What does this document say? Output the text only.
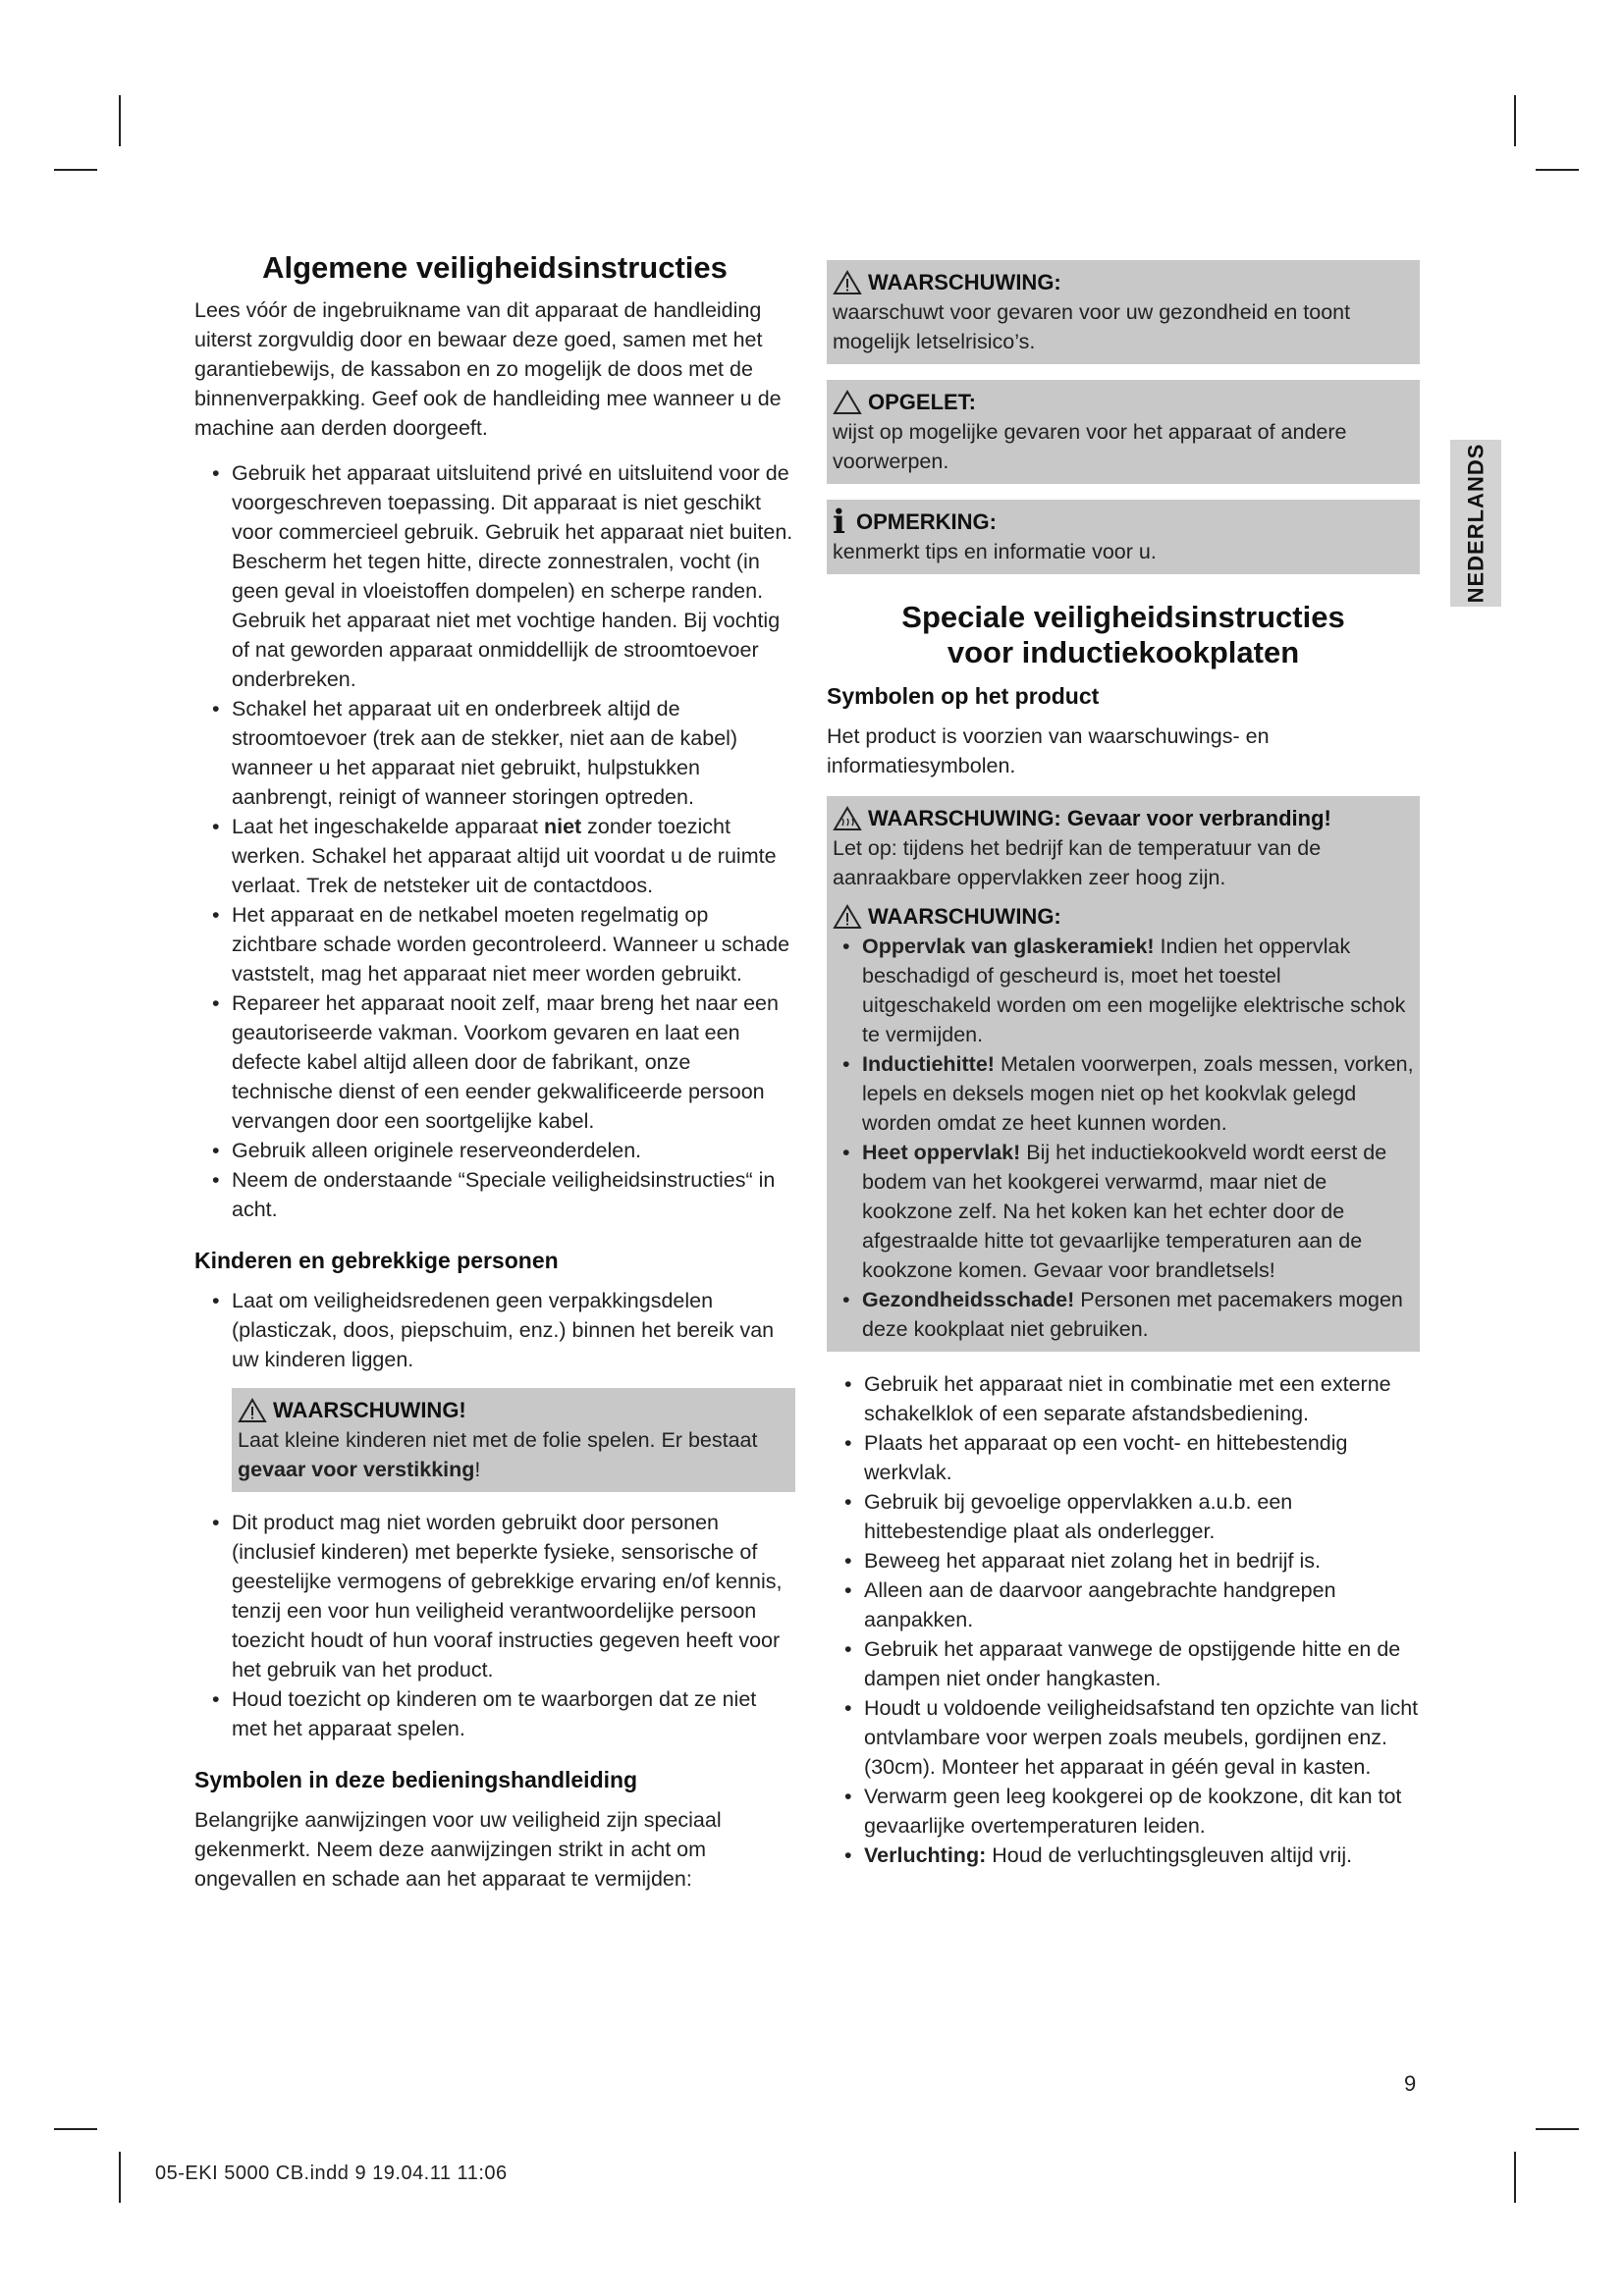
NEDERLANDS
Algemene veiligheidsinstructies

Lees vóór de ingebruikname van dit apparaat de handleiding uiterst zorgvuldig door en bewaar deze goed, samen met het garantiebewijs, de kassabon en zo mogelijk de doos met de binnenverpakking. Geef ook de handleiding mee wanneer u de machine aan derden doorgeeft.

• Gebruik het apparaat uitsluitend privé en uitsluitend voor de voorgeschreven toepassing. Dit apparaat is niet geschikt voor commercieel gebruik. Gebruik het apparaat niet buiten. Bescherm het tegen hitte, directe zonnestralen, vocht (in geen geval in vloeistoffen dompelen) en scherpe randen. Gebruik het apparaat niet met vochtige handen. Bij vochtig of nat geworden apparaat onmiddellijk de stroomtoevoer onderbreken.
• Schakel het apparaat uit en onderbreek altijd de stroomtoevoer (trek aan de stekker, niet aan de kabel) wanneer u het apparaat niet gebruikt, hulpstukken aanbrengt, reinigt of wanneer storingen optreden.
• Laat het ingeschakelde apparaat niet zonder toezicht werken. Schakel het apparaat altijd uit voordat u de ruimte verlaat. Trek de netsteker uit de contactdoos.
• Het apparaat en de netkabel moeten regelmatig op zichtbare schade worden gecontroleerd. Wanneer u schade vaststelt, mag het apparaat niet meer worden gebruikt.
• Repareer het apparaat nooit zelf, maar breng het naar een geautoriseerde vakman. Voorkom gevaren en laat een defecte kabel altijd alleen door de fabrikant, onze technische dienst of een eender gekwalificeerde persoon vervangen door een soortgelijke kabel.
• Gebruik alleen originele reserveonderdelen.
• Neem de onderstaande “Speciale veiligheidsinstructies“ in acht.
Kinderen en gebrekkige personen
• Laat om veiligheidsredenen geen verpakkingsdelen (plasticzak, doos, piepschuim, enz.) binnen het bereik van uw kinderen liggen.
WAARSCHUWING!

Laat kleine kinderen niet met de folie spelen. Er bestaat gevaar voor verstikking!

• Dit product mag niet worden gebruikt door personen (inclusief kinderen) met beperkte fysieke, sensorische of geestelijke vermogens of gebrekkige ervaring en/of kennis, tenzij een voor hun veiligheid verantwoordelijke persoon toezicht houdt of hun vooraf instructies gegeven heeft voor het gebruik van het product.
• Houd toezicht op kinderen om te waarborgen dat ze niet met het apparaat spelen.
Symbolen in deze bedieningshandleiding

Belangrijke aanwijzingen voor uw veiligheid zijn speciaal gekenmerkt. Neem deze aanwijzingen strikt in acht om ongevallen en schade aan het apparaat te vermijden:

WAARSCHUWING:

waarschuwt voor gevaren voor uw gezondheid en toont mogelijk letselrisico’s.

OPGELET:

wijst op mogelijke gevaren voor het apparaat of andere voorwerpen.

i OPMERKING:

kenmerkt tips en informatie voor u.

Speciale veiligheidsinstructies voor inductiekookplaten
Symbolen op het product

Het product is voorzien van waarschuwings- en informatiesymbolen.

WAARSCHUWING: Gevaar voor verbranding!

Let op: tijdens het bedrijf kan de temperatuur van de aanraakbare oppervlakken zeer hoog zijn.

WAARSCHUWING:
• Oppervlak van glaskeramiek! Indien het oppervlak beschadigd of gescheurd is, moet het toestel uitgeschakeld worden om een mogelijke elektrische schok te vermijden.
• Inductiehitte! Metalen voorwerpen, zoals messen, vorken, lepels en deksels mogen niet op het kookvlak gelegd worden omdat ze heet kunnen worden.
• Heet oppervlak! Bij het inductiekookveld wordt eerst de bodem van het kookgerei verwarmd, maar niet de kookzone zelf. Na het koken kan het echter door de afgestraalde hitte tot gevaarlijke temperaturen aan de kookzone komen. Gevaar voor brandletsels!
• Gezondheidsschade! Personen met pacemakers mogen deze kookplaat niet gebruiken.
• Gebruik het apparaat niet in combinatie met een externe schakelklok of een separate afstandsbediening.
• Plaats het apparaat op een vocht- en hittebestendig werkvlak.
• Gebruik bij gevoelige oppervlakken a.u.b. een hittebestendige plaat als onderlegger.
• Beweeg het apparaat niet zolang het in bedrijf is.
• Alleen aan de daarvoor aangebrachte handgrepen aanpakken.
• Gebruik het apparaat vanwege de opstijgende hitte en de dampen niet onder hangkasten.
• Houdt u voldoende veiligheidsafstand ten opzichte van licht ontvlambare voor werpen zoals meubels, gordijnen enz. (30cm). Monteer het apparaat in géén geval in kasten.
• Verwarm geen leeg kookgerei op de kookzone, dit kan tot gevaarlijke overtemperaturen leiden.
• Verluchting: Houd de verluchtingsgleuven altijd vrij.
9
05-EKI 5000 CB.indd 9 19.04.11 11:06
